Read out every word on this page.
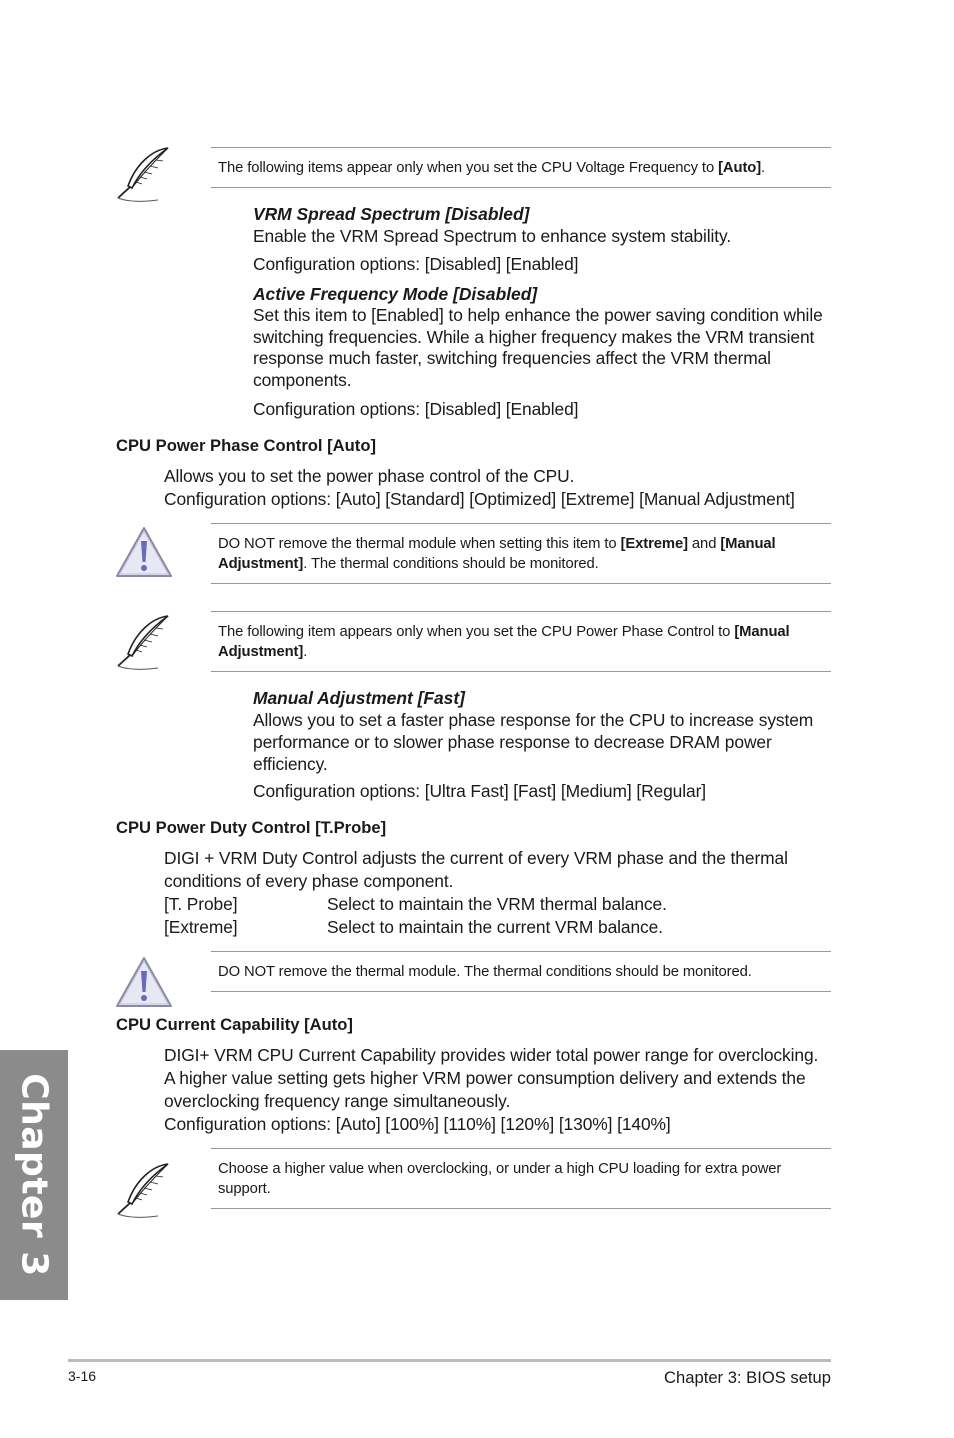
The following items appear only when you set the CPU Voltage Frequency to [Auto].
VRM Spread Spectrum [Disabled]
Enable the VRM Spread Spectrum to enhance system stability.
Configuration options: [Disabled] [Enabled]
Active Frequency Mode [Disabled]
Set this item to [Enabled] to help enhance the power saving condition while
switching frequencies. While a higher frequency makes the VRM transient
response much faster, switching frequencies affect the VRM thermal
components.
Configuration options: [Disabled] [Enabled]
CPU Power Phase Control [Auto]
Allows you to set the power phase control of the CPU.
Configuration options: [Auto] [Standard] [Optimized] [Extreme] [Manual Adjustment]
DO NOT remove the thermal module when setting this item to [Extreme] and [Manual
Adjustment]. The thermal conditions should be monitored.
The following item appears only when you set the CPU Power Phase Control to [Manual
Adjustment].
Manual Adjustment [Fast]
Allows you to set a faster phase response for the CPU to increase system
performance or to slower phase response to decrease DRAM power
efficiency.
Configuration options: [Ultra Fast] [Fast] [Medium] [Regular]
CPU Power Duty Control [T.Probe]
DIGI + VRM Duty Control adjusts the current of every VRM phase and the thermal
conditions of every phase component.
[T. Probe]	Select to maintain the VRM thermal balance.
[Extreme]	Select to maintain the current VRM balance.
DO NOT remove the thermal module. The thermal conditions should be monitored.
CPU Current Capability [Auto]
DIGI+ VRM CPU Current Capability provides wider total power range for overclocking.
A higher value setting gets higher VRM power consumption delivery and extends the
overclocking frequency range simultaneously.
Configuration options: [Auto] [100%] [110%] [120%] [130%] [140%]
Choose a higher value when overclocking, or under a high CPU loading for extra power
support.
Chapter 3
3-16	Chapter 3: BIOS setup
